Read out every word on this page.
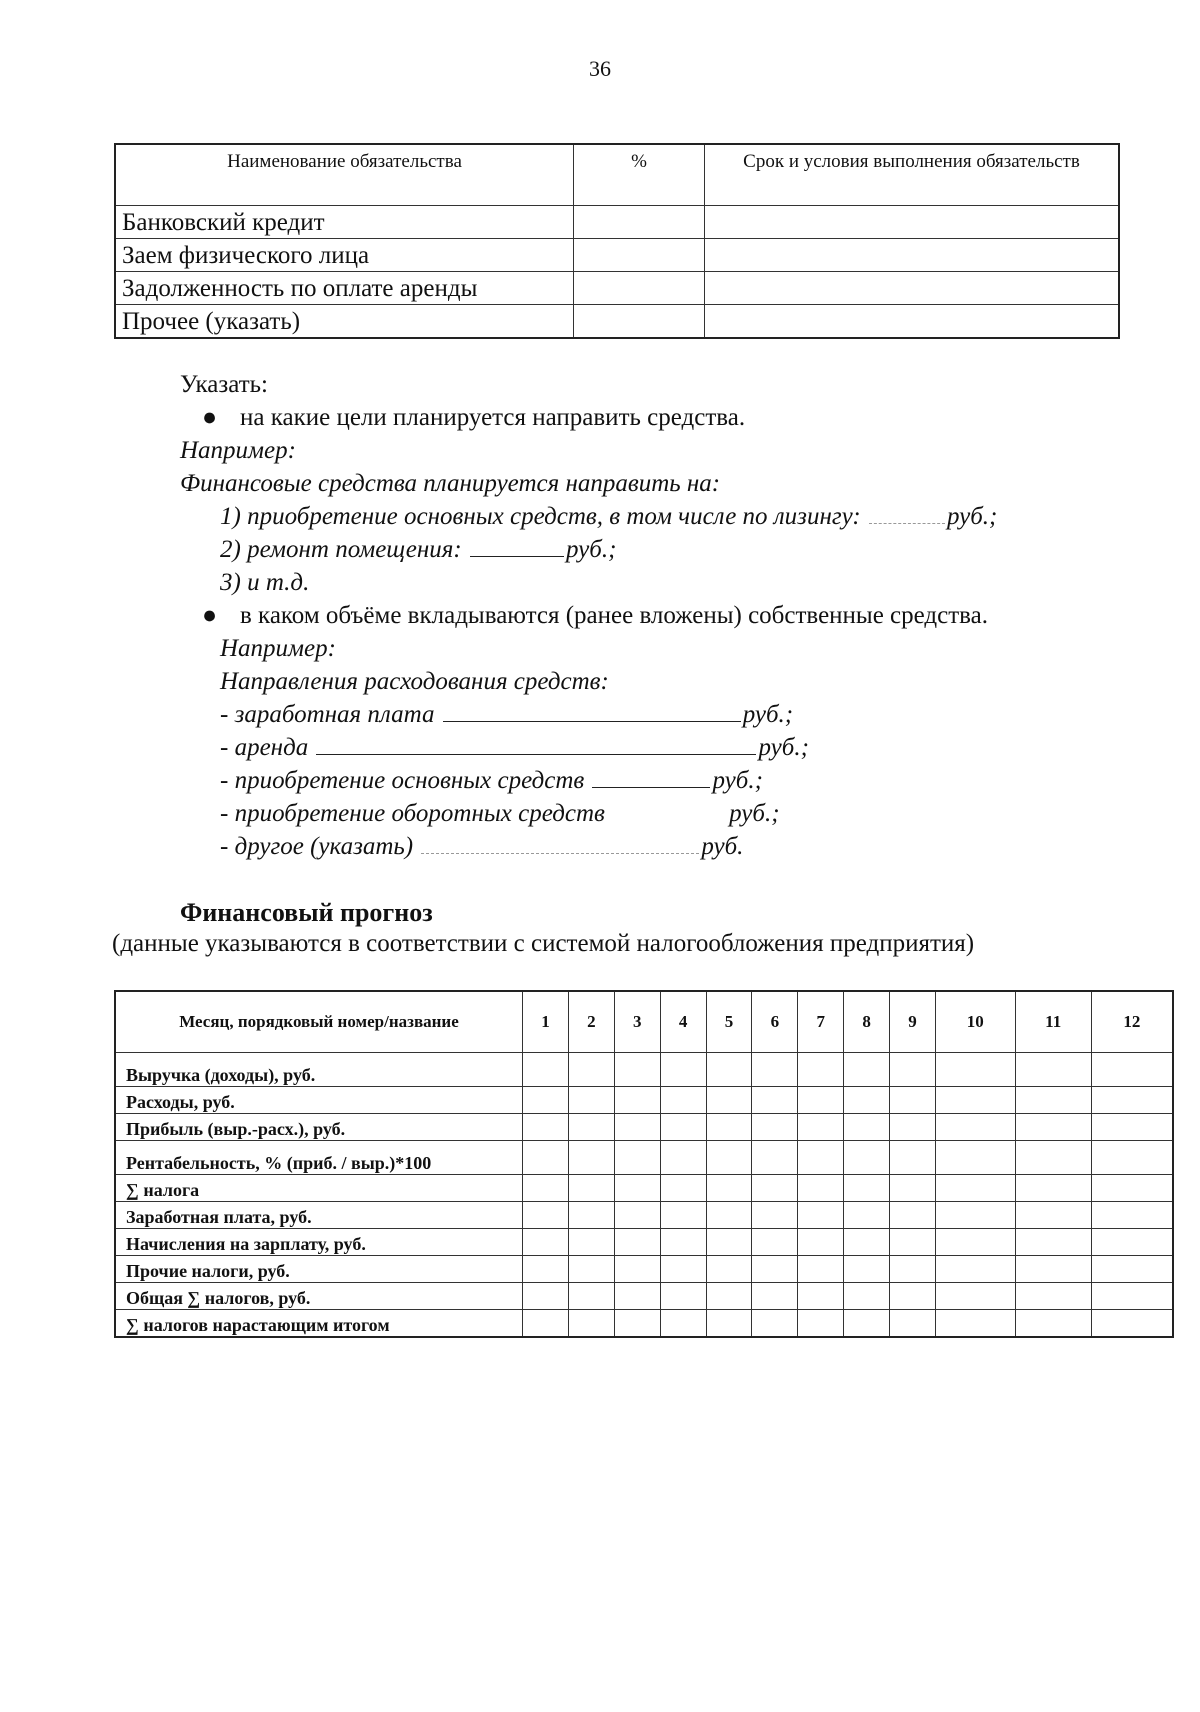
36
Наименование обязательства	%	Срок и условия выполнения обязательств
Банковский кредит		
Заем физического лица		
Задолженность по оплате аренды		
Прочее (указать)		
Указать:
● на какие цели планируется направить средства.
Например:
Финансовые средства планируется направить на:
1) приобретение основных средств, в том числе по лизингу:	руб.;
2) ремонт помещения:	руб.;
3) и т.д.
● в каком объёме вкладываются (ранее вложены) собственные средства.
Например:
Направления расходования средств:
- заработная плата	руб.;
- аренда	руб.;
- приобретение основных средств	руб.;
- приобретение оборотных средств	руб.;
- другое (указать)	руб.
Финансовый прогноз
(данные указываются в соответствии с системой налогообложения предприятия)
Месяц, порядковый номер/название	1	2	3	4	5	6	7	8	9	10	11	12
Выручка (доходы), руб.												
Расходы, руб.												
Прибыль (выр.-расх.), руб.												
Рентабельность, % (приб. / выр.)*100												
∑ налога												
Заработная плата, руб.												
Начисления на зарплату, руб.												
Прочие налоги, руб.												
Общая ∑ налогов, руб.												
∑ налогов нарастающим итогом												
